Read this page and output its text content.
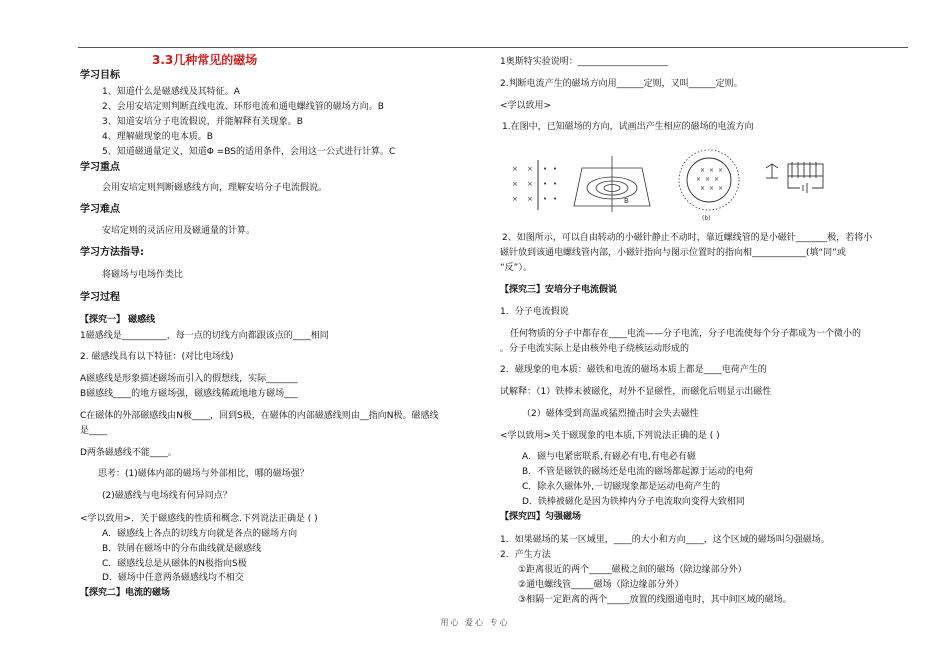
3.3几种常见的磁场
学习目标
1、知道什么是磁感线及其特征。A
2、会用安培定则判断直线电流、环形电流和通电螺线管的磁场方向。B
3、知道安培分子电流假说，并能解释有关现象。B
4、理解磁现象的电本质。B
5、知道磁通量定义，知道Φ =BS的适用条件，会用这一公式进行计算。C
学习重点
会用安培定则判断磁感线方向，理解安培分子电流假说。
学习难点
安培定则的灵活应用及磁通量的计算。
学习方法指导:
将磁场与电场作类比
学习过程
【探究一】 磁感线
1磁感线是__________，每一点的切线方向都跟该点的____相同
2. 磁感线具有以下特征：(对比电场线)
A磁感线是形象描述磁场而引入的假想线，实际_______
B磁感线____的地方磁场强，磁感线稀疏地地方磁场___
C在磁体的外部磁感线由N极____，回到S极，在磁体的内部磁感线则由__指向N极。磁感线
是____
D两条磁感线不能____。
思考：(1)磁体内部的磁场与外部相比，哪的磁场强？
(2)磁感线与电场线有何异同点？
<学以致用>．关于磁感线的性质和概念.下列说法正确是 ( )
A．磁感线上各点的切线方向就是各点的磁场方向
B．铁屑在磁场中的分布曲线就是磁感线
C．磁感线总是从磁体的N极指向S极
D．磁场中任意两条磁感线均不相交
【探究二】电流的磁场
1奥斯特实验说明：____________________
2.判断电流产生的磁场方向用______定则，又叫______定则。
<学以致用>
1.在图中，已知磁场的方向，试画出产生相应的磁场的电流方向
2、如图所示，可以自由转动的小磁针静止不动时，靠近螺线管的是小磁针_______极，若将小
磁针放到该通电螺线管内部，小磁针指向与图示位置时的指向相____________(填“同”或
“反”）。
【探究三】安培分子电流假说
1．分子电流假说
任何物质的分子中都存在____电流——分子电流，分子电流使每个分子都成为一个微小的
。分子电流实际上是由核外电子绕核运动形成的
2．磁现象的电本质：磁铁和电流的磁场本质上都是____电荷产生的
试解释：（1）铁棒未被磁化，对外不显磁性，而磁化后则显示出磁性
（2）磁体受到高温或猛烈撞击时会失去磁性
<学以致用>关于磁现象的电本质,下列说法正确的是 ( )
A．磁与电紧密联系,有磁必有电,有电必有磁
B．不管是磁铁的磁场还是电流的磁场都起源于运动的电荷
C．除永久磁体外,一切磁现象都是运动电荷产生的
D．铁棒被磁化是因为铁棒内分子电流取向变得大致相同
【探究四】匀强磁场
1．如果磁场的某一区域里，____的大小和方向____，这个区域的磁场叫匀强磁场。
2．产生方法
①距离很近的两个_____磁极之间的磁场（除边缘部分外）
②通电螺线管_____磁场（除边缘部分外）
③相隔一定距离的两个_____放置的线圈通电时，其中间区域的磁场。
× ×
× ×
× ×
• •
• •
• •	B
× × ×
× × ×
× × ×
(b)
用心 爱心 专心
